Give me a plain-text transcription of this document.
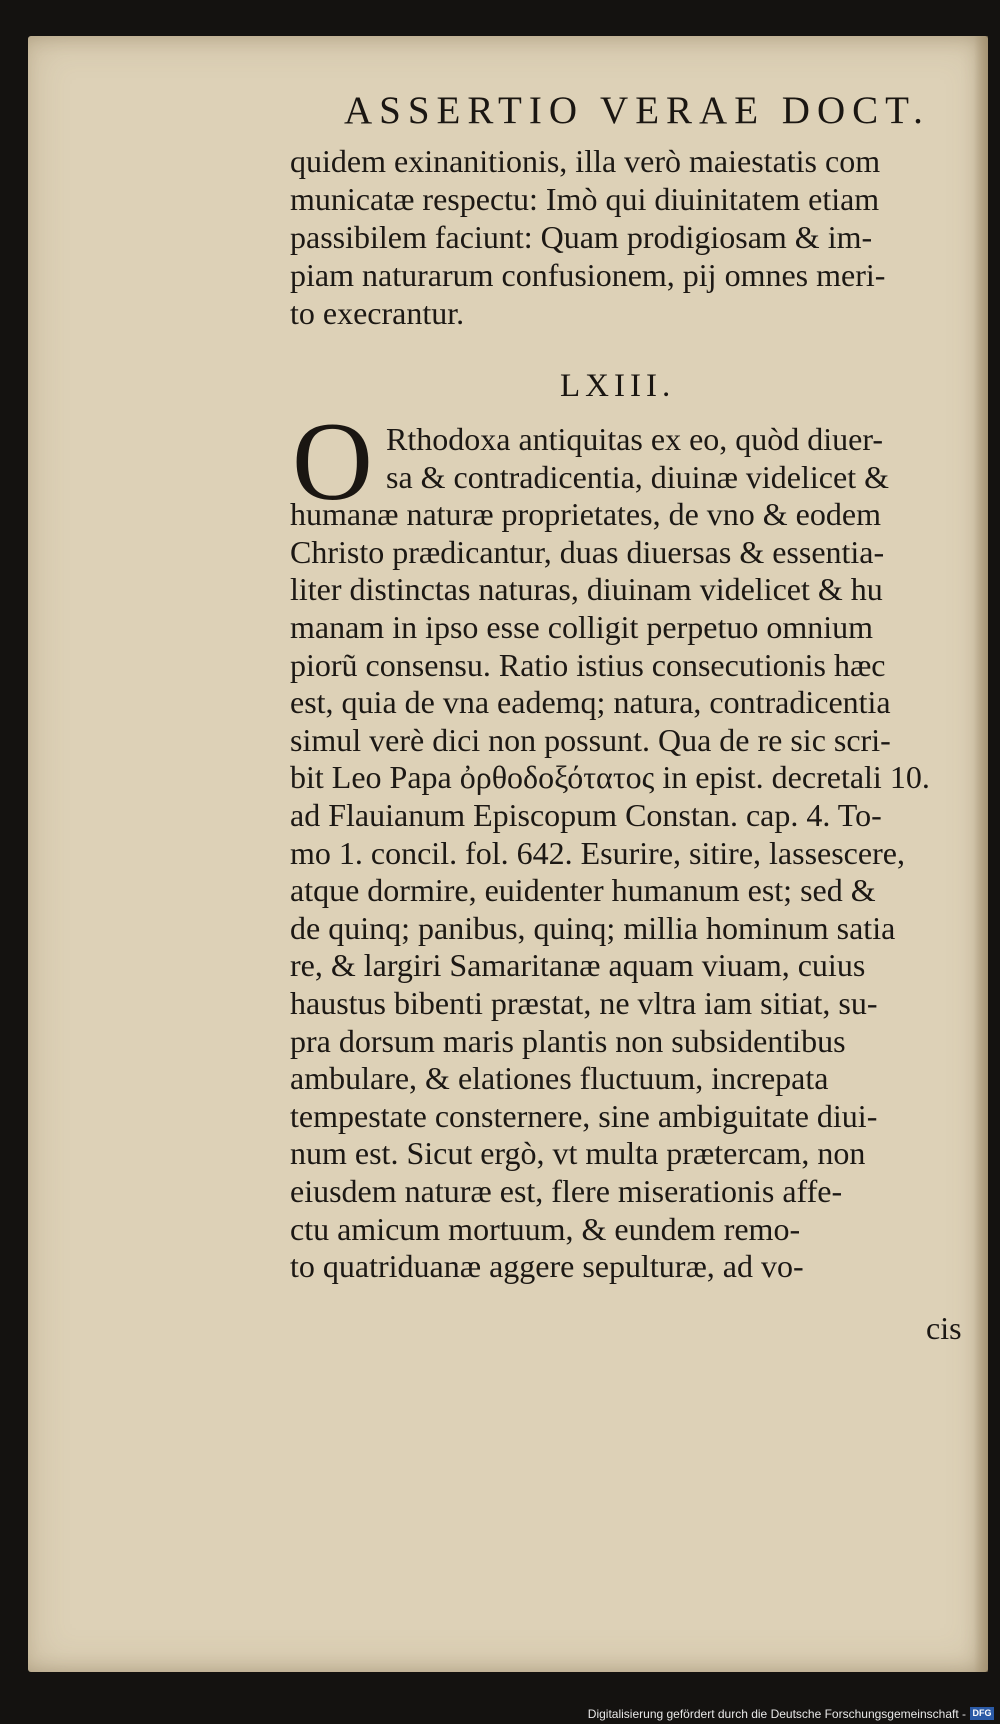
ASSERTIO VERAE DOCT.
quidem exinanitionis, illa verò maiestatis com
municatæ respectu: Imò qui diuinitatem etiam
passibilem faciunt: Quam prodigiosam & im-
piam naturarum confusionem, pij omnes meri-
to execrantur.
LXIII.
O Rthodoxa antiquitas ex eo, quòd diuer-
sa & contradicentia, diuinæ videlicet &
humanæ naturæ proprietates, de vno & eodem
Christo prædicantur, duas diuersas & essentia-
liter distinctas naturas, diuinam videlicet & hu
manam in ipso esse colligit perpetuo omnium
piorũ consensu. Ratio istius consecutionis hæc
est, quia de vna eademq; natura, contradicentia
simul verè dici non possunt. Qua de re sic scri-
bit Leo Papa ὀρθοδοξότατος in epist. decretali 10.
ad Flauianum Episcopum Constan. cap. 4. To-
mo 1. concil. fol. 642. Esurire, sitire, lassescere,
atque dormire, euidenter humanum est; sed &
de quinq; panibus, quinq; millia hominum satia
re, & largiri Samaritanæ aquam viuam, cuius
haustus bibenti præstat, ne vltra iam sitiat, su-
pra dorsum maris plantis non subsidentibus
ambulare, & elationes fluctuum, increpata
tempestate consternere, sine ambiguitate diui-
num est. Sicut ergò, vt multa prætercam, non
eiusdem naturæ est, flere miserationis affe-
ctu amicum mortuum, & eundem remo-
to quatriduanæ aggere sepulturæ, ad vo-
cis
Digitalisierung gefördert durch die Deutsche Forschungsgemeinschaft - DFG
